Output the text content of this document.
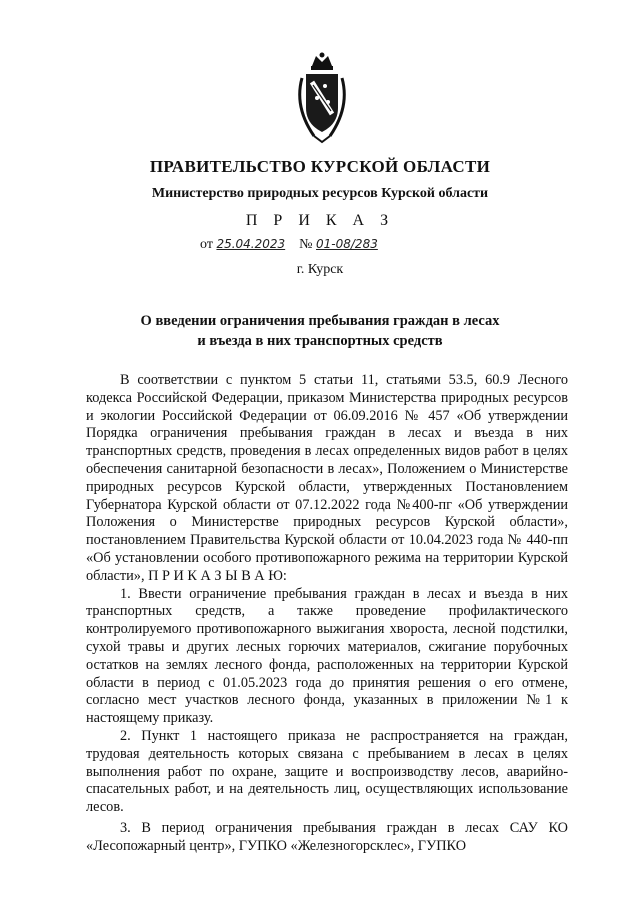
ПРАВИТЕЛЬСТВО КУРСКОЙ ОБЛАСТИ
Министерство природных ресурсов Курской области
П Р И К А З
от 25.04.2023 № 01-08/283
г. Курск
О введении ограничения пребывания граждан в лесах
и въезда в них транспортных средств

В соответствии с пунктом 5 статьи 11, статьями 53.5, 60.9 Лесного кодекса Российской Федерации, приказом Министерства природных ресурсов и экологии Российской Федерации от 06.09.2016 № 457 «Об утверждении Порядка ограничения пребывания граждан в лесах и въезда в них транспортных средств, проведения в лесах определенных видов работ в целях обеспечения санитарной безопасности в лесах», Положением о Министерстве природных ресурсов Курской области, утвержденных Постановлением Губернатора Курской области от 07.12.2022 года №400-пг «Об утверждении Положения о Министерстве природных ресурсов Курской области», постановлением Правительства Курской области от 10.04.2023 года № 440-пп «Об установлении особого противопожарного режима на территории Курской области», П Р И К А З Ы В А Ю:

1. Ввести ограничение пребывания граждан в лесах и въезда в них транспортных средств, а также проведение профилактического контролируемого противопожарного выжигания хвороста, лесной подстилки, сухой травы и других лесных горючих материалов, сжигание порубочных остатков на землях лесного фонда, расположенных на территории Курской области в период с 01.05.2023 года до принятия решения о его отмене, согласно мест участков лесного фонда, указанных в приложении №1 к настоящему приказу.

2. Пункт 1 настоящего приказа не распространяется на граждан, трудовая деятельность которых связана с пребыванием в лесах в целях выполнения работ по охране, защите и воспроизводству лесов, аварийно-спасательных работ, и на деятельность лиц, осуществляющих использование лесов.

3. В период ограничения пребывания граждан в лесах САУ КО «Лесопожарный центр», ГУПКО «Железногорсклес», ГУПКО
